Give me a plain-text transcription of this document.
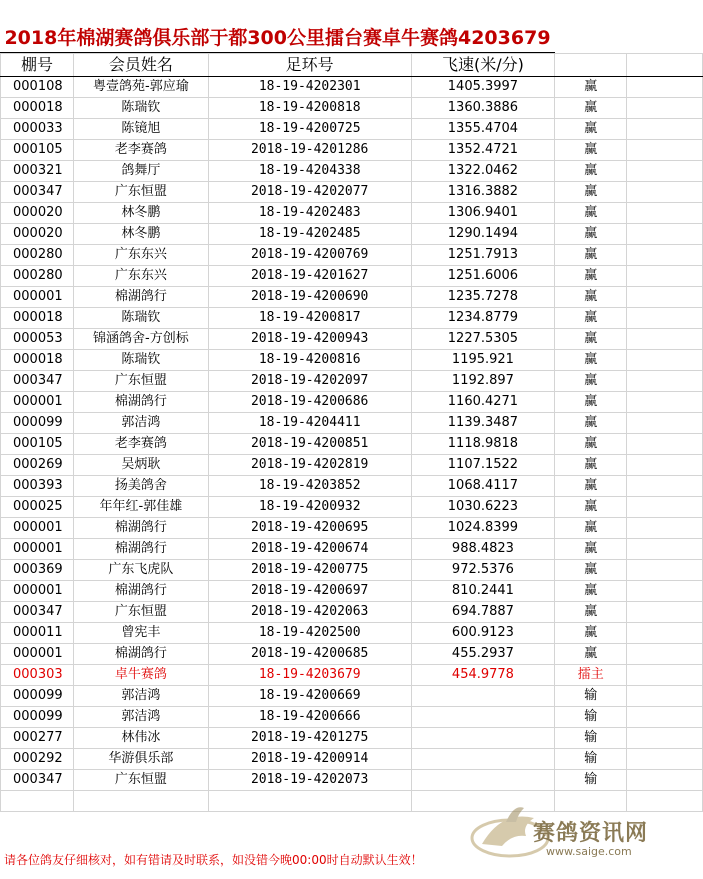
2018年棉湖赛鸽俱乐部于都300公里擂台赛卓牛赛鸽4203679
棚号	会员姓名	足环号	飞速(米/分)		
000108	粤壹鸽苑-郭应瑜	18-19-4202301	1405.3997	赢	
000018	陈瑞钦	18-19-4200818	1360.3886	赢	
000033	陈镜旭	18-19-4200725	1355.4704	赢	
000105	老李赛鸽	2018-19-4201286	1352.4721	赢	
000321	鸽舞厅	18-19-4204338	1322.0462	赢	
000347	广东恒盟	2018-19-4202077	1316.3882	赢	
000020	林冬鹏	18-19-4202483	1306.9401	赢	
000020	林冬鹏	18-19-4202485	1290.1494	赢	
000280	广东东兴	2018-19-4200769	1251.7913	赢	
000280	广东东兴	2018-19-4201627	1251.6006	赢	
000001	棉湖鸽行	2018-19-4200690	1235.7278	赢	
000018	陈瑞钦	18-19-4200817	1234.8779	赢	
000053	锦涵鸽舍-方创标	2018-19-4200943	1227.5305	赢	
000018	陈瑞钦	18-19-4200816	1195.921	赢	
000347	广东恒盟	2018-19-4202097	1192.897	赢	
000001	棉湖鸽行	2018-19-4200686	1160.4271	赢	
000099	郭洁鸿	18-19-4204411	1139.3487	赢	
000105	老李赛鸽	2018-19-4200851	1118.9818	赢	
000269	吴炳耿	2018-19-4202819	1107.1522	赢	
000393	扬美鸽舍	18-19-4203852	1068.4117	赢	
000025	年年红-郭佳雄	18-19-4200932	1030.6223	赢	
000001	棉湖鸽行	2018-19-4200695	1024.8399	赢	
000001	棉湖鸽行	2018-19-4200674	988.4823	赢	
000369	广东飞虎队	2018-19-4200775	972.5376	赢	
000001	棉湖鸽行	2018-19-4200697	810.2441	赢	
000347	广东恒盟	2018-19-4202063	694.7887	赢	
000011	曾宪丰	18-19-4202500	600.9123	赢	
000001	棉湖鸽行	2018-19-4200685	455.2937	赢	
000303	卓牛赛鸽	18-19-4203679	454.9778	擂主	
000099	郭洁鸿	18-19-4200669		输	
000099	郭洁鸿	18-19-4200666		输	
000277	林伟冰	2018-19-4201275		输	
000292	华游俱乐部	2018-19-4200914		输	
000347	广东恒盟	2018-19-4202073		输	

请各位鸽友仔细核对，如有错请及时联系，如没错今晚00:00时自动默认生效！
赛鸽资讯网
www.saige.com
